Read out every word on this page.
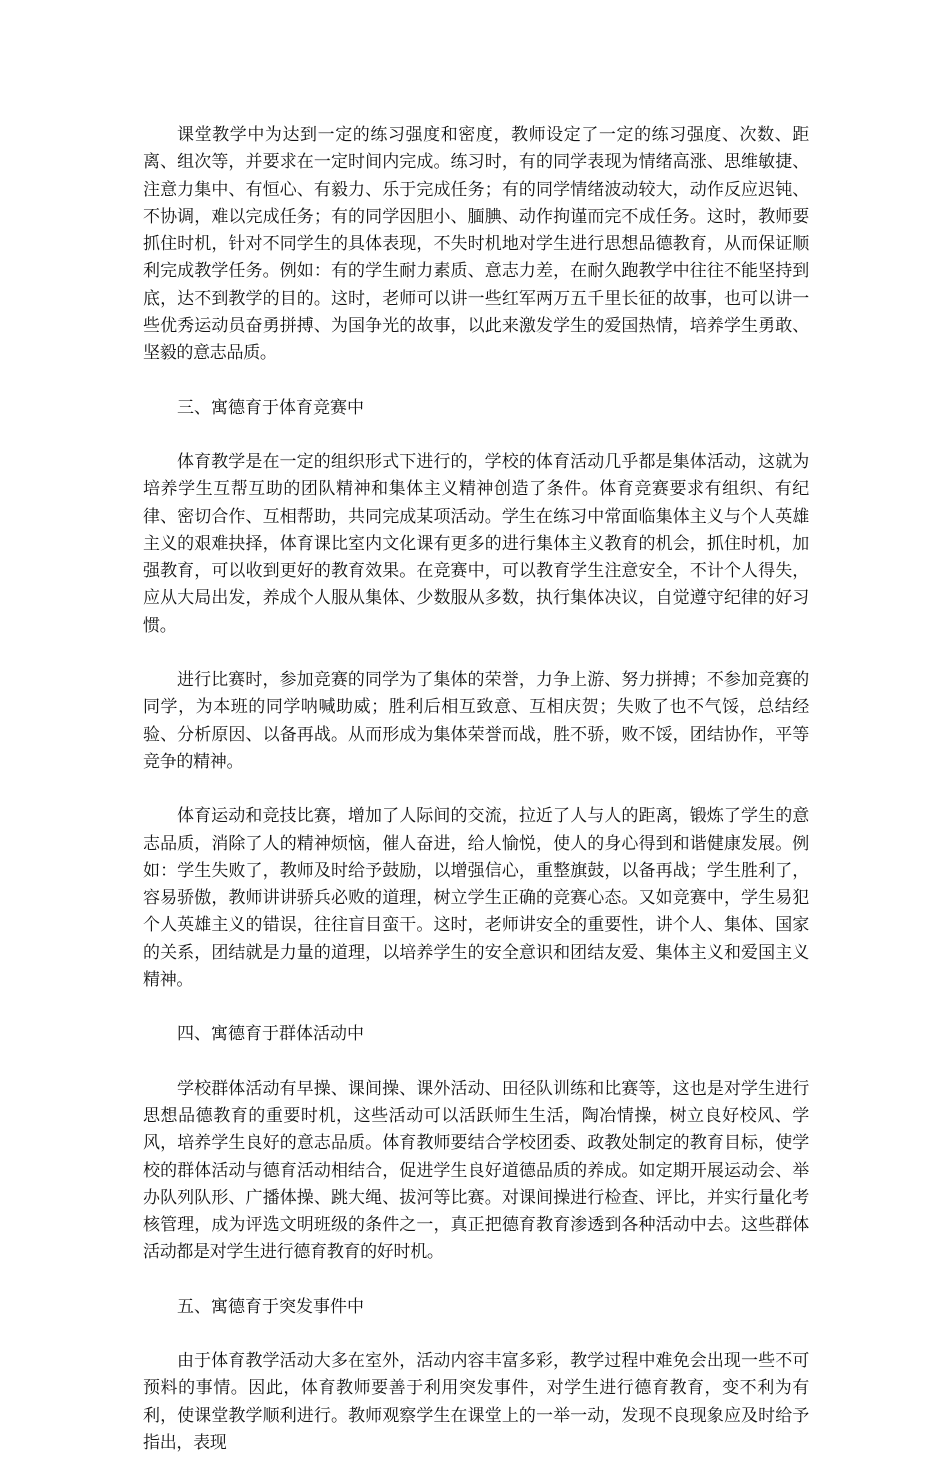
课堂教学中为达到一定的练习强度和密度，教师设定了一定的练习强度、次数、距离、组次等，并要求在一定时间内完成。练习时，有的同学表现为情绪高涨、思维敏捷、注意力集中、有恒心、有毅力、乐于完成任务；有的同学情绪波动较大，动作反应迟钝、不协调，难以完成任务；有的同学因胆小、腼腆、动作拘谨而完不成任务。这时，教师要抓住时机，针对不同学生的具体表现，不失时机地对学生进行思想品德教育，从而保证顺利完成教学任务。例如：有的学生耐力素质、意志力差，在耐久跑教学中往往不能坚持到底，达不到教学的目的。这时，老师可以讲一些红军两万五千里长征的故事，也可以讲一些优秀运动员奋勇拼搏、为国争光的故事，以此来激发学生的爱国热情，培养学生勇敢、坚毅的意志品质。

三、寓德育于体育竞赛中

体育教学是在一定的组织形式下进行的，学校的体育活动几乎都是集体活动，这就为培养学生互帮互助的团队精神和集体主义精神创造了条件。体育竞赛要求有组织、有纪律、密切合作、互相帮助，共同完成某项活动。学生在练习中常面临集体主义与个人英雄主义的艰难抉择，体育课比室内文化课有更多的进行集体主义教育的机会，抓住时机，加强教育，可以收到更好的教育效果。在竞赛中，可以教育学生注意安全，不计个人得失，应从大局出发，养成个人服从集体、少数服从多数，执行集体决议，自觉遵守纪律的好习惯。

进行比赛时，参加竞赛的同学为了集体的荣誉，力争上游、努力拼搏；不参加竞赛的同学，为本班的同学呐喊助威；胜利后相互致意、互相庆贺；失败了也不气馁，总结经验、分析原因、以备再战。从而形成为集体荣誉而战，胜不骄，败不馁，团结协作，平等竞争的精神。

体育运动和竞技比赛，增加了人际间的交流，拉近了人与人的距离，锻炼了学生的意志品质，消除了人的精神烦恼，催人奋进，给人愉悦，使人的身心得到和谐健康发展。例如：学生失败了，教师及时给予鼓励，以增强信心，重整旗鼓，以备再战；学生胜利了，容易骄傲，教师讲讲骄兵必败的道理，树立学生正确的竞赛心态。又如竞赛中，学生易犯个人英雄主义的错误，往往盲目蛮干。这时，老师讲安全的重要性，讲个人、集体、国家的关系，团结就是力量的道理，以培养学生的安全意识和团结友爱、集体主义和爱国主义精神。

四、寓德育于群体活动中

学校群体活动有早操、课间操、课外活动、田径队训练和比赛等，这也是对学生进行思想品德教育的重要时机，这些活动可以活跃师生生活，陶冶情操，树立良好校风、学风，培养学生良好的意志品质。体育教师要结合学校团委、政教处制定的教育目标，使学校的群体活动与德育活动相结合，促进学生良好道德品质的养成。如定期开展运动会、举办队列队形、广播体操、跳大绳、拔河等比赛。对课间操进行检查、评比，并实行量化考核管理，成为评选文明班级的条件之一，真正把德育教育渗透到各种活动中去。这些群体活动都是对学生进行德育教育的好时机。

五、寓德育于突发事件中

由于体育教学活动大多在室外，活动内容丰富多彩，教学过程中难免会出现一些不可预料的事情。因此，体育教师要善于利用突发事件，对学生进行德育教育，变不利为有利，使课堂教学顺利进行。教师观察学生在课堂上的一举一动，发现不良现象应及时给予指出，表现
